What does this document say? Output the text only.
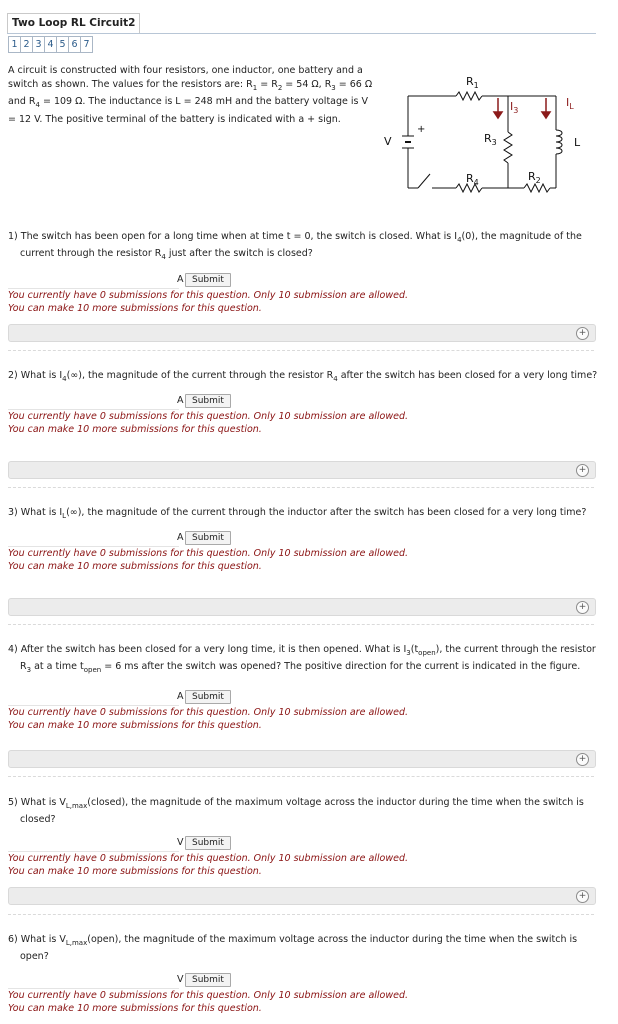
Two Loop RL Circuit2
1 2 3 4 5 6 7
A circuit is constructed with four resistors, one inductor, one battery and a switch as shown. The values for the resistors are: $R_1 = R_2 = 54$ Ω, $R_3 = 66$ Ω and $R_4 = 109$ Ω. The inductance is L = 248 mH and the battery voltage is V = 12 V. The positive terminal of the battery is indicated with a + sign.
$R_1$
$R_3$
$R_4$	$R_2$
V
+
L
$I_3$
$I_L$
1) The switch has been open for a long time when at time t = 0, the switch is closed. What is $I_4(0)$, the magnitude of the current through the resistor $R_4$ just after the switch is closed?
A Submit
You currently have 0 submissions for this question. Only 10 submission are allowed.
You can make 10 more submissions for this question.
+
2) What is $I_4(\infty)$, the magnitude of the current through the resistor $R_4$ after the switch has been closed for a very long time?
A Submit
You currently have 0 submissions for this question. Only 10 submission are allowed.
You can make 10 more submissions for this question.
+
3) What is $I_L(\infty)$, the magnitude of the current through the inductor after the switch has been closed for a very long time?
A Submit
You currently have 0 submissions for this question. Only 10 submission are allowed.
You can make 10 more submissions for this question.
+
4) After the switch has been closed for a very long time, it is then opened. What is $I_3(t_{open})$, the current through the resistor $R_3$ at a time $t_{open} = 6$ ms after the switch was opened? The positive direction for the current is indicated in the figure.
A Submit
You currently have 0 submissions for this question. Only 10 submission are allowed.
You can make 10 more submissions for this question.
+
5) What is $V_{L,max}(closed)$, the magnitude of the maximum voltage across the inductor during the time when the switch is closed?
V Submit
You currently have 0 submissions for this question. Only 10 submission are allowed.
You can make 10 more submissions for this question.
+
6) What is $V_{L,max}(open)$, the magnitude of the maximum voltage across the inductor during the time when the switch is open?
V Submit
You currently have 0 submissions for this question. Only 10 submission are allowed.
You can make 10 more submissions for this question.
